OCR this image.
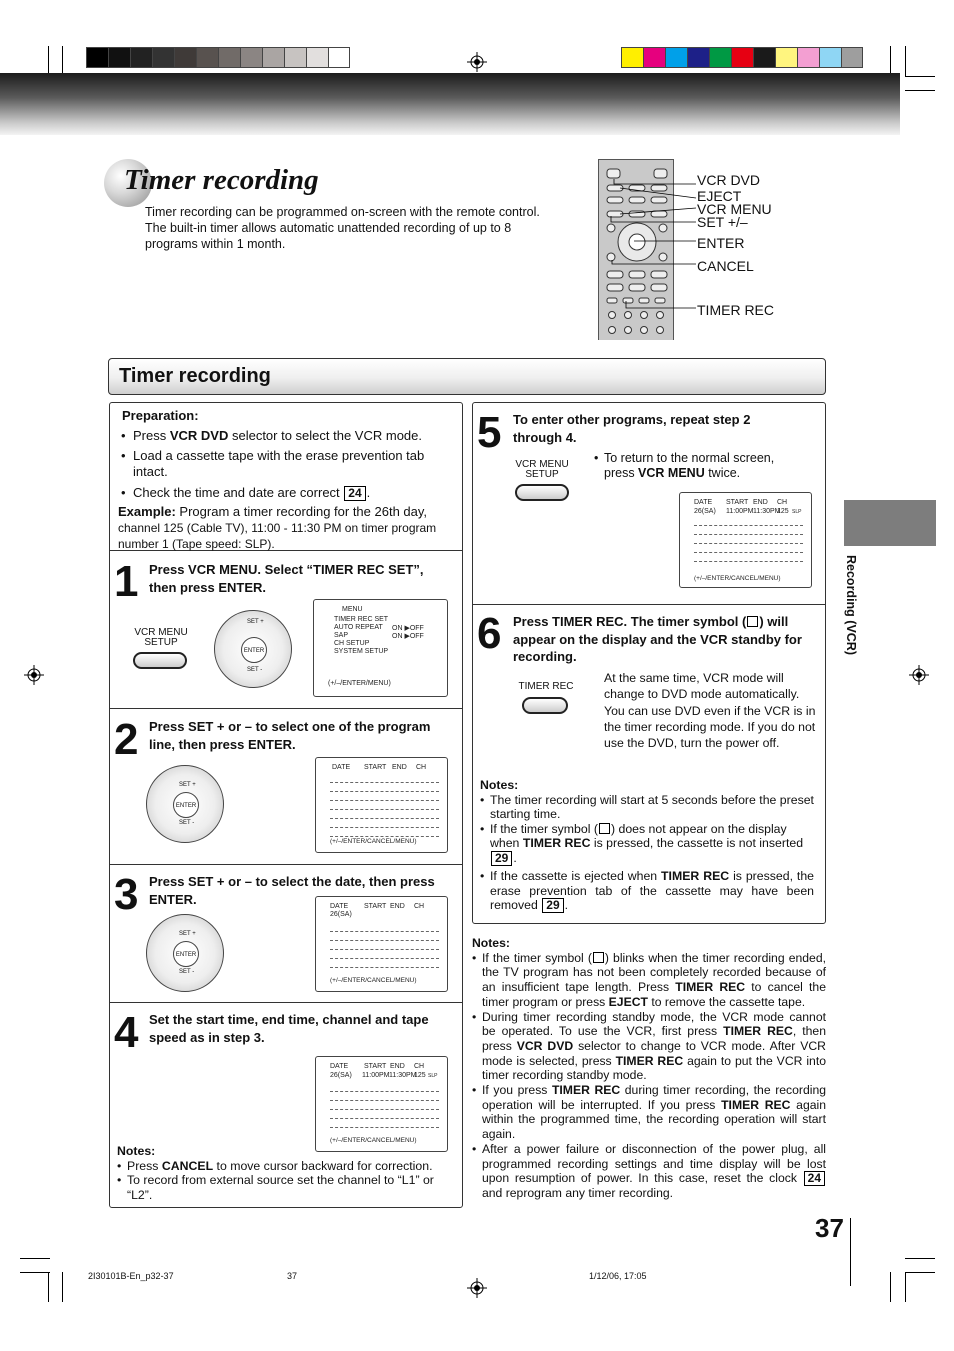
Timer recording

Timer recording can be programmed on-screen with the remote control. The built-in timer allows automatic unattended recording of up to 8 programs within 1 month.

VCR DVD
EJECT
VCR MENU
SET +/–
ENTER
CANCEL
TIMER REC
Timer recording
Recording (VCR)
Preparation:
• Press VCR DVD selector to select the VCR mode.
• Load a cassette tape with the erase prevention tab intact.
• Check the time and date are correct 24 .
Example: Program a timer recording for the 26th day,
channel 125 (Cable TV), 11:00 - 11:30 PM on timer program number 1 (Tape speed: SLP).
1 Press VCR MENU. Select “TIMER REC SET”, then press ENTER.
VCR MENU
SETUP
ENTER
SET +
SET -
MENU
TIMER REC SET
AUTO REPEAT
SAP
CH SETUP
SYSTEM SETUP
ON ▶OFF
ON ▶OFF
(+/–/ENTER/MENU)
2 Press SET + or – to select one of the program line, then press ENTER.
ENTER
SET +
SET -
DATE START END CH
(+/–/ENTER/CANCEL/MENU)
3 Press SET + or – to select the date, then press ENTER.
ENTER
SET +
SET -
DATE START END CH
26(SA)
(+/–/ENTER/CANCEL/MENU)
4 Set the start time, end time, channel and tape speed as in step 3.
DATE START END CH
26(SA) 11:00PM 11:30PM
125 SLP
(+/–/ENTER/CANCEL/MENU)
Notes:
• Press CANCEL to move cursor backward for correction.
• To record from external source set the channel to “L1” or “L2”.
5 To enter other programs, repeat step 2 through 4.
VCR MENU
SETUP
• To return to the normal screen, press VCR MENU twice.
DATE START END CH
26(SA) 11:00PM 11:30PM
125 SLP
(+/–/ENTER/CANCEL/MENU)
6 Press TIMER REC. The timer symbol ( ) will appear on the display and the VCR standby for recording.
TIMER REC

At the same time, VCR mode will change to DVD mode automatically. You can use DVD even if the VCR is in the timer recording mode. If you do not use the DVD, turn the power off.

Notes:
• The timer recording will start at 5 seconds before the preset starting time.
• If the timer symbol ( ) does not appear on the display when TIMER REC is pressed, the cassette is not inserted 29 .
• If the cassette is ejected when TIMER REC is pressed, the erase prevention tab of the cassette may have been removed 29 .
Notes:
• If the timer symbol ( ) blinks when the timer recording ended, the TV program has not been completely recorded because of an insufficient tape length. Press TIMER REC to cancel the timer program or press EJECT to remove the cassette tape.
• During timer recording standby mode, the VCR mode cannot be operated. To use the VCR, first press TIMER REC, then press VCR DVD selector to change to VCR mode. After VCR mode is selected, press TIMER REC again to put the VCR into timer recording standby mode.
• If you press TIMER REC during timer recording, the recording operation will be interrupted. If you press TIMER REC again within the programmed time, the recording operation will start again.
• After a power failure or disconnection of the power plug, all programmed recording settings and time display will be lost upon resumption of power. In this case, reset the clock 24 and reprogram any timer recording.
37
2I30101B-En_p32-37	37	1/12/06, 17:05
